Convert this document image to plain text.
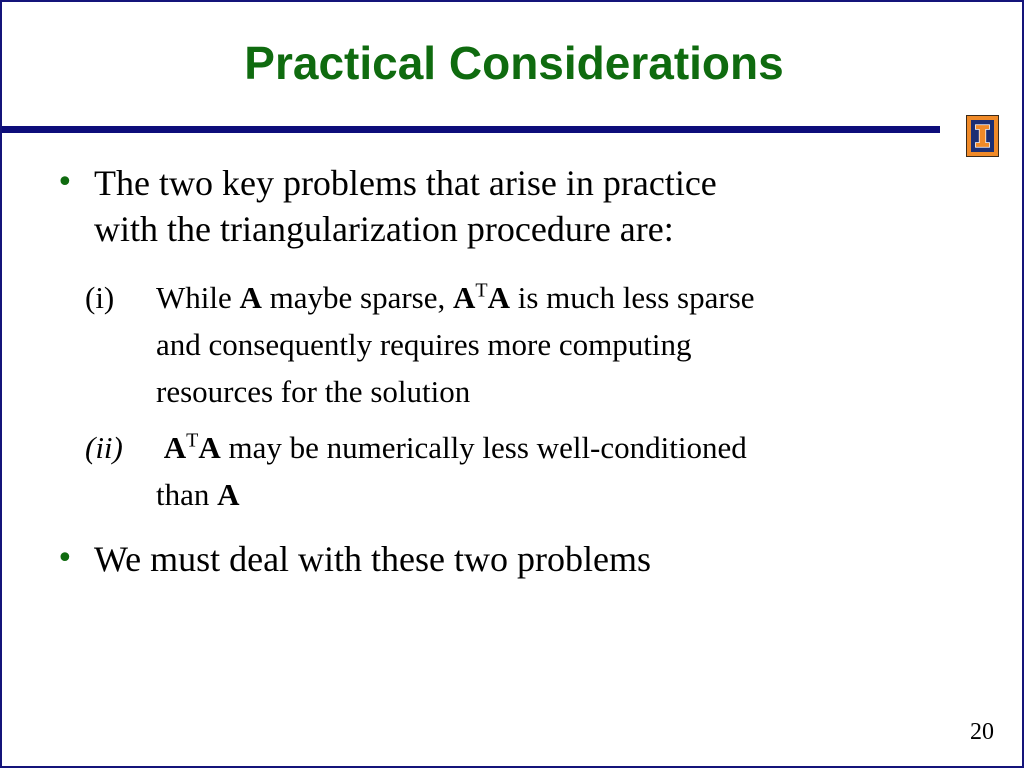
Practical Considerations
• The two key problems that arise in practice
with the triangularization procedure are:
(i) While A maybe sparse, $A^TA$ is much less sparse
and consequently requires more computing
resources for the solution
(ii) $A^TA$ may be numerically less well-conditioned
than A
• We must deal with these two problems
20
